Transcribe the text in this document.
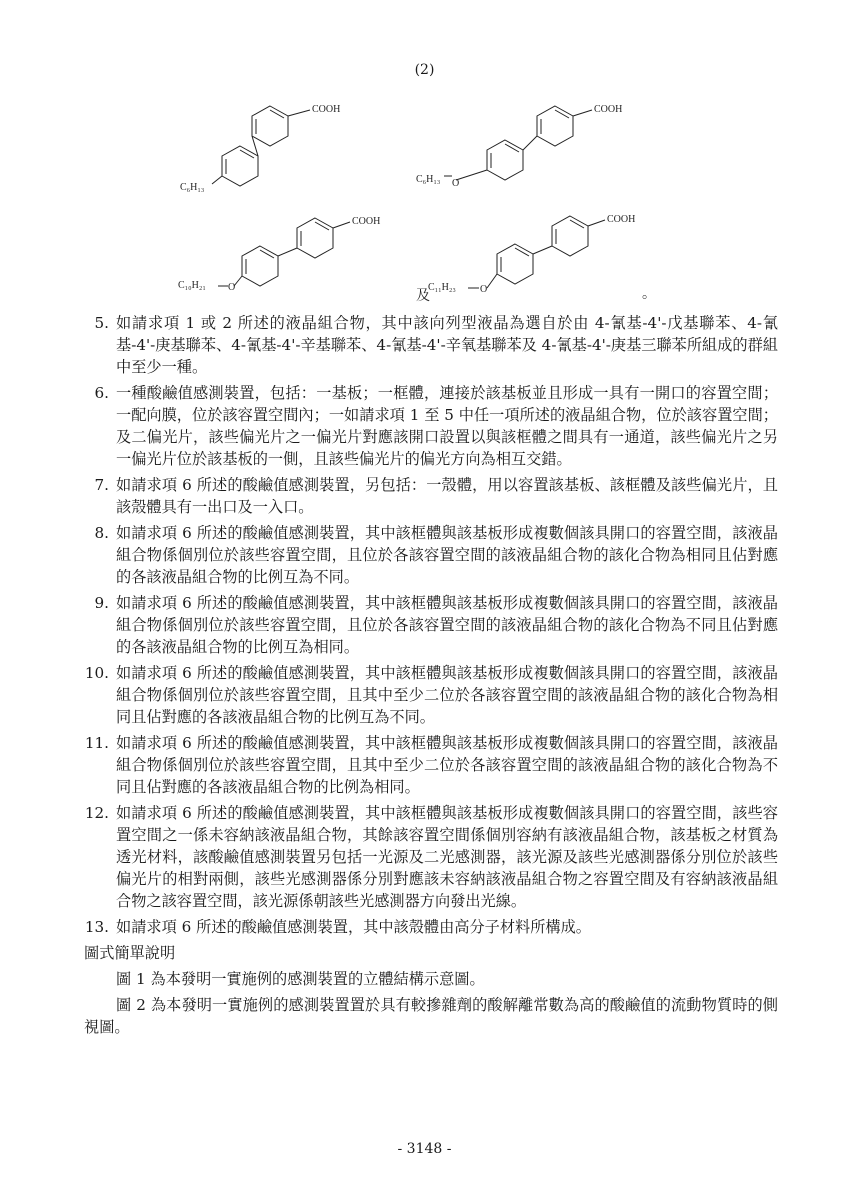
(2)
COOH
C₆H₁₃
COOH
C₆H₁₃ O
COOH
C₁₀H₂₁ O
COOH
C₁₁H₂₃ O
及	。
5. 如請求項 1 或 2 所述的液晶組合物，其中該向列型液晶為選自於由 4-氰基-4'-戊基聯苯、4-氰基-4'-庚基聯苯、4-氰基-4'-辛基聯苯、4-氰基-4'-辛氧基聯苯及 4-氰基-4'-庚基三聯苯所組成的群組中至少一種。
6. 一種酸鹼值感測裝置，包括：一基板；一框體，連接於該基板並且形成一具有一開口的容置空間；一配向膜，位於該容置空間內；一如請求項 1 至 5 中任一項所述的液晶組合物，位於該容置空間；及二偏光片，該些偏光片之一偏光片對應該開口設置以與該框體之間具有一通道，該些偏光片之另一偏光片位於該基板的一側，且該些偏光片的偏光方向為相互交錯。
7. 如請求項 6 所述的酸鹼值感測裝置，另包括：一殼體，用以容置該基板、該框體及該些偏光片，且該殼體具有一出口及一入口。
8. 如請求項 6 所述的酸鹼值感測裝置，其中該框體與該基板形成複數個該具開口的容置空間，該液晶組合物係個別位於該些容置空間，且位於各該容置空間的該液晶組合物的該化合物為相同且佔對應的各該液晶組合物的比例互為不同。
9. 如請求項 6 所述的酸鹼值感測裝置，其中該框體與該基板形成複數個該具開口的容置空間，該液晶組合物係個別位於該些容置空間，且位於各該容置空間的該液晶組合物的該化合物為不同且佔對應的各該液晶組合物的比例互為相同。
10. 如請求項 6 所述的酸鹼值感測裝置，其中該框體與該基板形成複數個該具開口的容置空間，該液晶組合物係個別位於該些容置空間，且其中至少二位於各該容置空間的該液晶組合物的該化合物為相同且佔對應的各該液晶組合物的比例互為不同。
11. 如請求項 6 所述的酸鹼值感測裝置，其中該框體與該基板形成複數個該具開口的容置空間，該液晶組合物係個別位於該些容置空間，且其中至少二位於各該容置空間的該液晶組合物的該化合物為不同且佔對應的各該液晶組合物的比例為相同。
12. 如請求項 6 所述的酸鹼值感測裝置，其中該框體與該基板形成複數個該具開口的容置空間，該些容置空間之一係未容納該液晶組合物，其餘該容置空間係個別容納有該液晶組合物，該基板之材質為透光材料，該酸鹼值感測裝置另包括一光源及二光感測器，該光源及該些光感測器係分別位於該些偏光片的相對兩側，該些光感測器係分別對應該未容納該液晶組合物之容置空間及有容納該液晶組合物之該容置空間，該光源係朝該些光感測器方向發出光線。
13. 如請求項 6 所述的酸鹼值感測裝置，其中該殼體由高分子材料所構成。
圖式簡單說明
圖 1 為本發明一實施例的感測裝置的立體結構示意圖。
圖 2 為本發明一實施例的感測裝置置於具有較摻雜劑的酸解離常數為高的酸鹼值的流動物質時的側視圖。
- 3148 -
